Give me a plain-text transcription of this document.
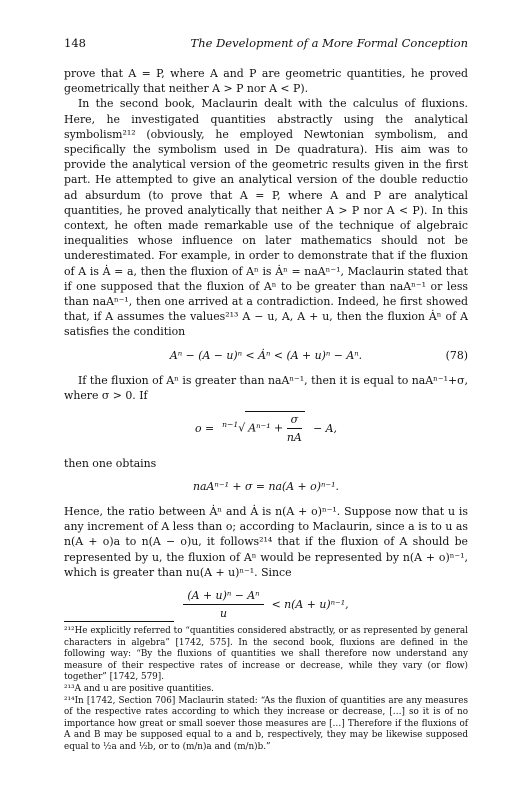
148	The Development of a More Formal Conception

prove that A = P, where A and P are geometric quantities, he proved geometrically that neither A > P nor A < P).

In the second book, Maclaurin dealt with the calculus of fluxions. Here, he investigated quantities abstractly using the analytical symbolism²¹² (obviously, he employed Newtonian symbolism, and specifically the symbolism used in De quadratura). His aim was to provide the analytical version of the geometric results given in the first part. He attempted to give an analytical version of the double reductio ad absurdum (to prove that A = P, where A and P are analytical quantities, he proved analytically that neither A > P nor A < P). In this context, he often made remarkable use of the technique of algebraic inequalities whose influence on later mathematics should not be underestimated. For example, in order to demonstrate that if the fluxion of A is Ȧ = a, then the fluxion of Aⁿ is Ȧⁿ = naAⁿ⁻¹, Maclaurin stated that if one supposed that the fluxion of Aⁿ to be greater than naAⁿ⁻¹ or less than naAⁿ⁻¹, then one arrived at a contradiction. Indeed, he first showed that, if A assumes the values²¹³ A − u, A, A + u, then the fluxion Ȧⁿ of A satisfies the condition

Aⁿ − (A − u)ⁿ < Ȧⁿ < (A + u)ⁿ − Aⁿ.	(78)

If the fluxion of Aⁿ is greater than naAⁿ⁻¹, then it is equal to naAⁿ⁻¹+σ, where σ > 0. If

o = $^{n-1}$√ $A^{n-1} + \frac{\sigma}{nA} - A$,

then one obtains

naAⁿ⁻¹ + σ = na(A + o)ⁿ⁻¹.

Hence, the ratio between Ȧⁿ and Ȧ is n(A + o)ⁿ⁻¹. Suppose now that u is any increment of A less than o; according to Maclaurin, since a is to u as n(A + o)a to n(A − o)u, it follows²¹⁴ that if the fluxion of A should be represented by u, the fluxion of Aⁿ would be represented by n(A + o)ⁿ⁻¹, which is greater than nu(A + u)ⁿ⁻¹. Since

$\frac{\text{(A + u)ⁿ − Aⁿ}}{u} < n(A + u)^{n-1}$,

²¹²He explicitly referred to “quantities considered abstractly, or as represented by general characters in algebra” [1742, 575]. In the second book, fluxions are defined in the following way: “By the fluxions of quantities we shall therefore now understand any measure of their respective rates of increase or decrease, while they vary (or flow) together” [1742, 579].

²¹³A and u are positive quantities.

²¹⁴In [1742, Section 706] Maclaurin stated: “As the fluxion of quantities are any measures of the respective rates according to which they increase or decrease, […] so it is of no importance how great or small soever those measures are […] Therefore if the fluxions of A and B may be supposed equal to a and b, respectively, they may be likewise supposed equal to ½a and ½b, or to (m/n)a and (m/n)b.”
